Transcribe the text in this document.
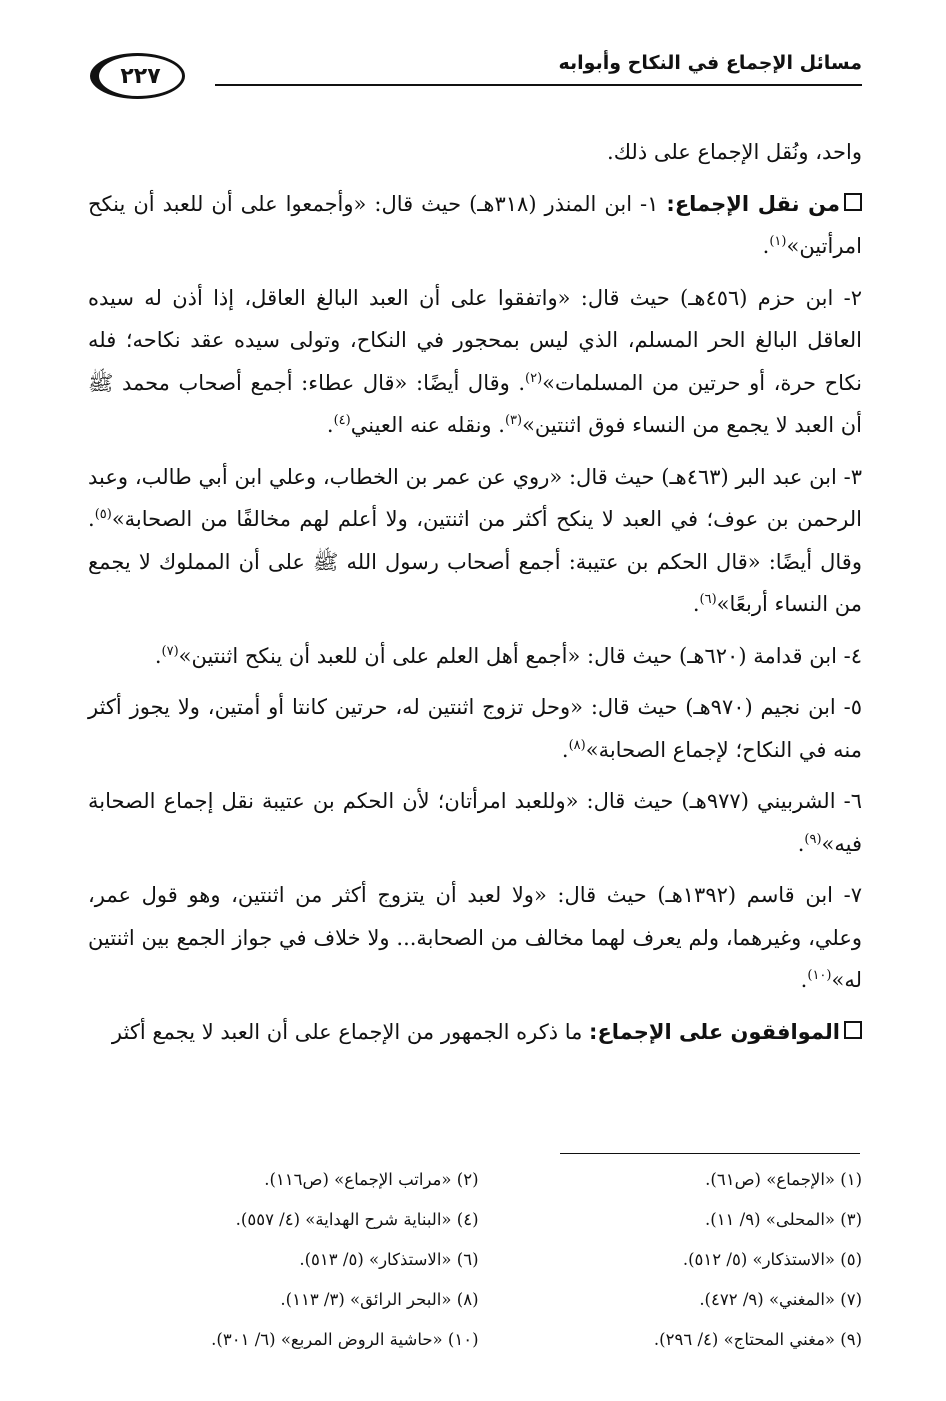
مسائل الإجماع في النكاح وأبوابه
٢٢٧

واحد، ونُقل الإجماع على ذلك.

من نقل الإجماع: ١- ابن المنذر (٣١٨هـ) حيث قال: «وأجمعوا على أن للعبد أن ينكح امرأتين»$^{(١)}$.

٢- ابن حزم (٤٥٦هـ) حيث قال: «واتفقوا على أن العبد البالغ العاقل، إذا أذن له سيده العاقل البالغ الحر المسلم، الذي ليس بمحجور في النكاح، وتولى سيده عقد نكاحه؛ فله نكاح حرة، أو حرتين من المسلمات»$^{(٢)}$. وقال أيضًا: «قال عطاء: أجمع أصحاب محمد ﷺ أن العبد لا يجمع من النساء فوق اثنتين»$^{(٣)}$. ونقله عنه العيني$^{(٤)}$.

٣- ابن عبد البر (٤٦٣هـ) حيث قال: «روي عن عمر بن الخطاب، وعلي ابن أبي طالب، وعبد الرحمن بن عوف؛ في العبد لا ينكح أكثر من اثنتين، ولا أعلم لهم مخالفًا من الصحابة»$^{(٥)}$. وقال أيضًا: «قال الحكم بن عتيبة: أجمع أصحاب رسول الله ﷺ على أن المملوك لا يجمع من النساء أربعًا»$^{(٦)}$.

٤- ابن قدامة (٦٢٠هـ) حيث قال: «أجمع أهل العلم على أن للعبد أن ينكح اثنتين»$^{(٧)}$.

٥- ابن نجيم (٩٧٠هـ) حيث قال: «وحل تزوج اثنتين له، حرتين كانتا أو أمتين، ولا يجوز أكثر منه في النكاح؛ لإجماع الصحابة»$^{(٨)}$.

٦- الشربيني (٩٧٧هـ) حيث قال: «وللعبد امرأتان؛ لأن الحكم بن عتيبة نقل إجماع الصحابة فيه»$^{(٩)}$.

٧- ابن قاسم (١٣٩٢هـ) حيث قال: «ولا لعبد أن يتزوج أكثر من اثنتين، وهو قول عمر، وعلي، وغيرهما، ولم يعرف لهما مخالف من الصحابة... ولا خلاف في جواز الجمع بين اثنتين له»$^{(١٠)}$.

الموافقون على الإجماع: ما ذكره الجمهور من الإجماع على أن العبد لا يجمع أكثر

(١) «الإجماع» (ص٦١).
(٢) «مراتب الإجماع» (ص١١٦).
(٣) «المحلى» (٩/ ١١).
(٤) «البناية شرح الهداية» (٤/ ٥٥٧).
(٥) «الاستذكار» (٥/ ٥١٢).
(٦) «الاستذكار» (٥/ ٥١٣).
(٧) «المغني» (٩/ ٤٧٢).
(٨) «البحر الرائق» (٣/ ١١٣).
(٩) «مغني المحتاج» (٤/ ٢٩٦).
(١٠) «حاشية الروض المربع» (٦/ ٣٠١).
